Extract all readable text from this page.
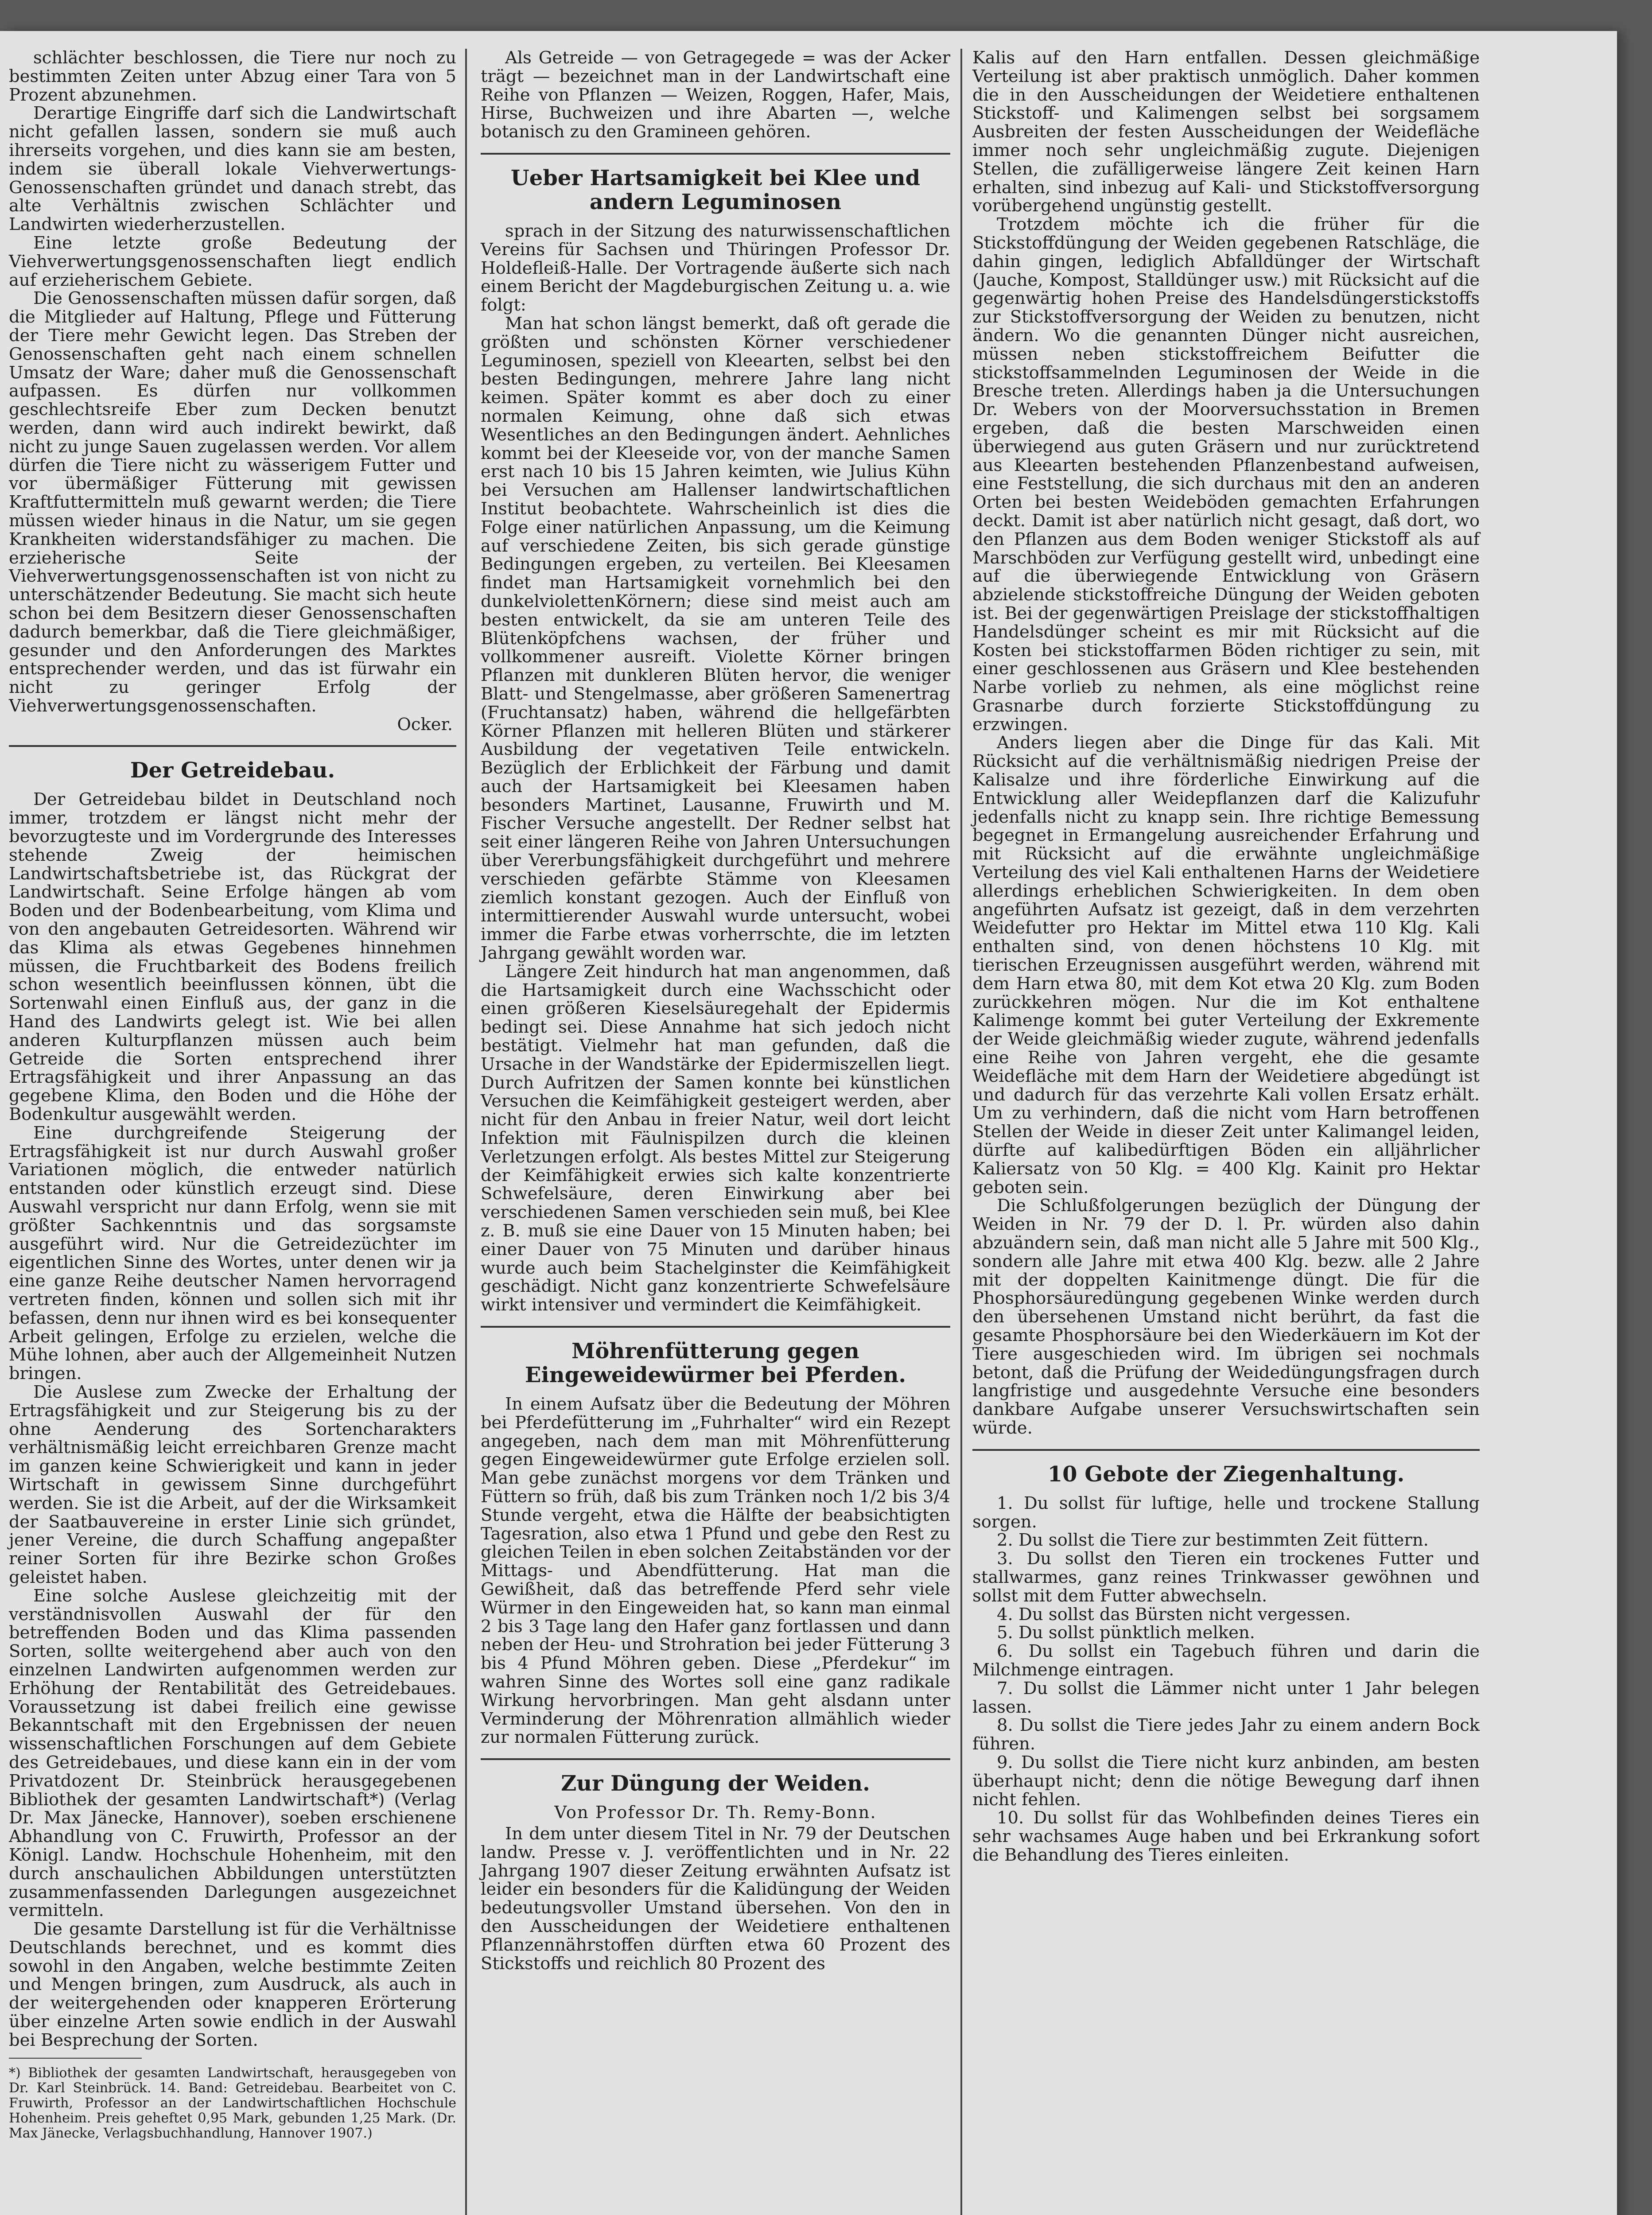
schlächter beschlossen, die Tiere nur noch zu bestimmten Zeiten unter Abzug einer Tara von 5 Prozent abzunehmen.

Derartige Eingriffe darf sich die Landwirtschaft nicht gefallen lassen, sondern sie muß auch ihrerseits vorgehen, und dies kann sie am besten, indem sie überall lokale Viehverwertungs-Genossenschaften gründet und danach strebt, das alte Verhältnis zwischen Schlächter und Landwirten wiederherzustellen.

Eine letzte große Bedeutung der Viehverwertungsgenossenschaften liegt endlich auf erzieherischem Gebiete.

Die Genossenschaften müssen dafür sorgen, daß die Mitglieder auf Haltung, Pflege und Fütterung der Tiere mehr Gewicht legen. Das Streben der Genossenschaften geht nach einem schnellen Umsatz der Ware; daher muß die Genossenschaft aufpassen. Es dürfen nur vollkommen geschlechtsreife Eber zum Decken benutzt werden, dann wird auch indirekt bewirkt, daß nicht zu junge Sauen zugelassen werden. Vor allem dürfen die Tiere nicht zu wässerigem Futter und vor übermäßiger Fütterung mit gewissen Kraftfuttermitteln muß gewarnt werden; die Tiere müssen wieder hinaus in die Natur, um sie gegen Krankheiten widerstandsfähiger zu machen. Die erzieherische Seite der Viehverwertungsgenossenschaften ist von nicht zu unterschätzender Bedeutung. Sie macht sich heute schon bei dem Besitzern dieser Genossenschaften dadurch bemerkbar, daß die Tiere gleichmäßiger, gesunder und den Anforderungen des Marktes entsprechender werden, und das ist fürwahr ein nicht zu geringer Erfolg der Viehverwertungsgenossenschaften.

Ocker.

Der Getreidebau.

Der Getreidebau bildet in Deutschland noch immer, trotzdem er längst nicht mehr der bevorzugteste und im Vordergrunde des Interesses stehende Zweig der heimischen Landwirtschaftsbetriebe ist, das Rückgrat der Landwirtschaft. Seine Erfolge hängen ab vom Boden und der Bodenbearbeitung, vom Klima und von den angebauten Getreidesorten. Während wir das Klima als etwas Gegebenes hinnehmen müssen, die Fruchtbarkeit des Bodens freilich schon wesentlich beeinflussen können, übt die Sortenwahl einen Einfluß aus, der ganz in die Hand des Landwirts gelegt ist. Wie bei allen anderen Kulturpflanzen müssen auch beim Getreide die Sorten entsprechend ihrer Ertragsfähigkeit und ihrer Anpassung an das gegebene Klima, den Boden und die Höhe der Bodenkultur ausgewählt werden.

Eine durchgreifende Steigerung der Ertragsfähigkeit ist nur durch Auswahl großer Variationen möglich, die entweder natürlich entstanden oder künstlich erzeugt sind. Diese Auswahl verspricht nur dann Erfolg, wenn sie mit größter Sachkenntnis und das sorgsamste ausgeführt wird. Nur die Getreidezüchter im eigentlichen Sinne des Wortes, unter denen wir ja eine ganze Reihe deutscher Namen hervorragend vertreten finden, können und sollen sich mit ihr befassen, denn nur ihnen wird es bei konsequenter Arbeit gelingen, Erfolge zu erzielen, welche die Mühe lohnen, aber auch der Allgemeinheit Nutzen bringen.

Die Auslese zum Zwecke der Erhaltung der Ertragsfähigkeit und zur Steigerung bis zu der ohne Aenderung des Sortencharakters verhältnismäßig leicht erreichbaren Grenze macht im ganzen keine Schwierigkeit und kann in jeder Wirtschaft in gewissem Sinne durchgeführt werden. Sie ist die Arbeit, auf der die Wirksamkeit der Saatbauvereine in erster Linie sich gründet, jener Vereine, die durch Schaffung angepaßter reiner Sorten für ihre Bezirke schon Großes geleistet haben.

Eine solche Auslese gleichzeitig mit der verständnisvollen Auswahl der für den betreffenden Boden und das Klima passenden Sorten, sollte weitergehend aber auch von den einzelnen Landwirten aufgenommen werden zur Erhöhung der Rentabilität des Getreidebaues. Voraussetzung ist dabei freilich eine gewisse Bekanntschaft mit den Ergebnissen der neuen wissenschaftlichen Forschungen auf dem Gebiete des Getreidebaues, und diese kann ein in der vom Privatdozent Dr. Steinbrück herausgegebenen Bibliothek der gesamten Landwirtschaft*) (Verlag Dr. Max Jänecke, Hannover), soeben erschienene Abhandlung von C. Fruwirth, Professor an der Königl. Landw. Hochschule Hohenheim, mit den durch anschaulichen Abbildungen unterstützten zusammenfassenden Darlegungen ausgezeichnet vermitteln.

Die gesamte Darstellung ist für die Verhältnisse Deutschlands berechnet, und es kommt dies sowohl in den Angaben, welche bestimmte Zeiten und Mengen bringen, zum Ausdruck, als auch in der weitergehenden oder knapperen Erörterung über einzelne Arten sowie endlich in der Auswahl bei Besprechung der Sorten.

*) Bibliothek der gesamten Landwirtschaft, herausgegeben von Dr. Karl Steinbrück. 14. Band: Getreidebau. Bearbeitet von C. Fruwirth, Professor an der Landwirtschaftlichen Hochschule Hohenheim. Preis geheftet 0,95 Mark, gebunden 1,25 Mark. (Dr. Max Jänecke, Verlagsbuchhandlung, Hannover 1907.)

Als Getreide — von Getragegede = was der Acker trägt — bezeichnet man in der Landwirtschaft eine Reihe von Pflanzen — Weizen, Roggen, Hafer, Mais, Hirse, Buchweizen und ihre Abarten —, welche botanisch zu den Gramineen gehören.

Ueber Hartsamigkeit bei Klee und andern Leguminosen

sprach in der Sitzung des naturwissenschaftlichen Vereins für Sachsen und Thüringen Professor Dr. Holdefleiß-Halle. Der Vortragende äußerte sich nach einem Bericht der Magdeburgischen Zeitung u. a. wie folgt:

Man hat schon längst bemerkt, daß oft gerade die größten und schönsten Körner verschiedener Leguminosen, speziell von Kleearten, selbst bei den besten Bedingungen, mehrere Jahre lang nicht keimen. Später kommt es aber doch zu einer normalen Keimung, ohne daß sich etwas Wesentliches an den Bedingungen ändert. Aehnliches kommt bei der Kleeseide vor, von der manche Samen erst nach 10 bis 15 Jahren keimten, wie Julius Kühn bei Versuchen am Hallenser landwirtschaftlichen Institut beobachtete. Wahrscheinlich ist dies die Folge einer natürlichen Anpassung, um die Keimung auf verschiedene Zeiten, bis sich gerade günstige Bedingungen ergeben, zu verteilen. Bei Kleesamen findet man Hartsamigkeit vornehmlich bei den dunkelviolettenKörnern; diese sind meist auch am besten entwickelt, da sie am unteren Teile des Blütenköpfchens wachsen, der früher und vollkommener ausreift. Violette Körner bringen Pflanzen mit dunkleren Blüten hervor, die weniger Blatt- und Stengelmasse, aber größeren Samenertrag (Fruchtansatz) haben, während die hellgefärbten Körner Pflanzen mit helleren Blüten und stärkerer Ausbildung der vegetativen Teile entwickeln. Bezüglich der Erblichkeit der Färbung und damit auch der Hartsamigkeit bei Kleesamen haben besonders Martinet, Lausanne, Fruwirth und M. Fischer Versuche angestellt. Der Redner selbst hat seit einer längeren Reihe von Jahren Untersuchungen über Vererbungsfähigkeit durchgeführt und mehrere verschieden gefärbte Stämme von Kleesamen ziemlich konstant gezogen. Auch der Einfluß von intermittierender Auswahl wurde untersucht, wobei immer die Farbe etwas vorherrschte, die im letzten Jahrgang gewählt worden war.

Längere Zeit hindurch hat man angenommen, daß die Hartsamigkeit durch eine Wachsschicht oder einen größeren Kieselsäuregehalt der Epidermis bedingt sei. Diese Annahme hat sich jedoch nicht bestätigt. Vielmehr hat man gefunden, daß die Ursache in der Wandstärke der Epidermiszellen liegt. Durch Aufritzen der Samen konnte bei künstlichen Versuchen die Keimfähigkeit gesteigert werden, aber nicht für den Anbau in freier Natur, weil dort leicht Infektion mit Fäulnispilzen durch die kleinen Verletzungen erfolgt. Als bestes Mittel zur Steigerung der Keimfähigkeit erwies sich kalte konzentrierte Schwefelsäure, deren Einwirkung aber bei verschiedenen Samen verschieden sein muß, bei Klee z. B. muß sie eine Dauer von 15 Minuten haben; bei einer Dauer von 75 Minuten und darüber hinaus wurde auch beim Stachelginster die Keimfähigkeit geschädigt. Nicht ganz konzentrierte Schwefelsäure wirkt intensiver und vermindert die Keimfähigkeit.

Möhrenfütterung gegen Eingeweidewürmer bei Pferden.

In einem Aufsatz über die Bedeutung der Möhren bei Pferdefütterung im „Fuhrhalter“ wird ein Rezept angegeben, nach dem man mit Möhrenfütterung gegen Eingeweidewürmer gute Erfolge erzielen soll. Man gebe zunächst morgens vor dem Tränken und Füttern so früh, daß bis zum Tränken noch 1/2 bis 3/4 Stunde vergeht, etwa die Hälfte der beabsichtigten Tagesration, also etwa 1 Pfund und gebe den Rest zu gleichen Teilen in eben solchen Zeitabständen vor der Mittags- und Abendfütterung. Hat man die Gewißheit, daß das betreffende Pferd sehr viele Würmer in den Eingeweiden hat, so kann man einmal 2 bis 3 Tage lang den Hafer ganz fortlassen und dann neben der Heu- und Strohration bei jeder Fütterung 3 bis 4 Pfund Möhren geben. Diese „Pferdekur“ im wahren Sinne des Wortes soll eine ganz radikale Wirkung hervorbringen. Man geht alsdann unter Verminderung der Möhrenration allmählich wieder zur normalen Fütterung zurück.

Zur Düngung der Weiden.

Von Professor Dr. Th. Remy-Bonn.

In dem unter diesem Titel in Nr. 79 der Deutschen landw. Presse v. J. veröffentlichten und in Nr. 22 Jahrgang 1907 dieser Zeitung erwähnten Aufsatz ist leider ein besonders für die Kalidüngung der Weiden bedeutungsvoller Umstand übersehen. Von den in den Ausscheidungen der Weidetiere enthaltenen Pflanzennährstoffen dürften etwa 60 Prozent des Stickstoffs und reichlich 80 Prozent des

Kalis auf den Harn entfallen. Dessen gleichmäßige Verteilung ist aber praktisch unmöglich. Daher kommen die in den Ausscheidungen der Weidetiere enthaltenen Stickstoff- und Kalimengen selbst bei sorgsamem Ausbreiten der festen Ausscheidungen der Weidefläche immer noch sehr ungleichmäßig zugute. Diejenigen Stellen, die zufälligerweise längere Zeit keinen Harn erhalten, sind inbezug auf Kali- und Stickstoffversorgung vorübergehend ungünstig gestellt.

Trotzdem möchte ich die früher für die Stickstoffdüngung der Weiden gegebenen Ratschläge, die dahin gingen, lediglich Abfalldünger der Wirtschaft (Jauche, Kompost, Stalldünger usw.) mit Rücksicht auf die gegenwärtig hohen Preise des Handelsdüngerstickstoffs zur Stickstoffversorgung der Weiden zu benutzen, nicht ändern. Wo die genannten Dünger nicht ausreichen, müssen neben stickstoffreichem Beifutter die stickstoffsammelnden Leguminosen der Weide in die Bresche treten. Allerdings haben ja die Untersuchungen Dr. Webers von der Moorversuchsstation in Bremen ergeben, daß die besten Marschweiden einen überwiegend aus guten Gräsern und nur zurücktretend aus Kleearten bestehenden Pflanzenbestand aufweisen, eine Feststellung, die sich durchaus mit den an anderen Orten bei besten Weideböden gemachten Erfahrungen deckt. Damit ist aber natürlich nicht gesagt, daß dort, wo den Pflanzen aus dem Boden weniger Stickstoff als auf Marschböden zur Verfügung gestellt wird, unbedingt eine auf die überwiegende Entwicklung von Gräsern abzielende stickstoffreiche Düngung der Weiden geboten ist. Bei der gegenwärtigen Preislage der stickstoffhaltigen Handelsdünger scheint es mir mit Rücksicht auf die Kosten bei stickstoffarmen Böden richtiger zu sein, mit einer geschlossenen aus Gräsern und Klee bestehenden Narbe vorlieb zu nehmen, als eine möglichst reine Grasnarbe durch forzierte Stickstoffdüngung zu erzwingen.

Anders liegen aber die Dinge für das Kali. Mit Rücksicht auf die verhältnismäßig niedrigen Preise der Kalisalze und ihre förderliche Einwirkung auf die Entwicklung aller Weidepflanzen darf die Kalizufuhr jedenfalls nicht zu knapp sein. Ihre richtige Bemessung begegnet in Ermangelung ausreichender Erfahrung und mit Rücksicht auf die erwähnte ungleichmäßige Verteilung des viel Kali enthaltenen Harns der Weidetiere allerdings erheblichen Schwierigkeiten. In dem oben angeführten Aufsatz ist gezeigt, daß in dem verzehrten Weidefutter pro Hektar im Mittel etwa 110 Klg. Kali enthalten sind, von denen höchstens 10 Klg. mit tierischen Erzeugnissen ausgeführt werden, während mit dem Harn etwa 80, mit dem Kot etwa 20 Klg. zum Boden zurückkehren mögen. Nur die im Kot enthaltene Kalimenge kommt bei guter Verteilung der Exkremente der Weide gleichmäßig wieder zugute, während jedenfalls eine Reihe von Jahren vergeht, ehe die gesamte Weidefläche mit dem Harn der Weidetiere abgedüngt ist und dadurch für das verzehrte Kali vollen Ersatz erhält. Um zu verhindern, daß die nicht vom Harn betroffenen Stellen der Weide in dieser Zeit unter Kalimangel leiden, dürfte auf kalibedürftigen Böden ein alljährlicher Kaliersatz von 50 Klg. = 400 Klg. Kainit pro Hektar geboten sein.

Die Schlußfolgerungen bezüglich der Düngung der Weiden in Nr. 79 der D. l. Pr. würden also dahin abzuändern sein, daß man nicht alle 5 Jahre mit 500 Klg., sondern alle Jahre mit etwa 400 Klg. bezw. alle 2 Jahre mit der doppelten Kainitmenge düngt. Die für die Phosphorsäuredüngung gegebenen Winke werden durch den übersehenen Umstand nicht berührt, da fast die gesamte Phosphorsäure bei den Wiederkäuern im Kot der Tiere ausgeschieden wird. Im übrigen sei nochmals betont, daß die Prüfung der Weidedüngungsfragen durch langfristige und ausgedehnte Versuche eine besonders dankbare Aufgabe unserer Versuchswirtschaften sein würde.

10 Gebote der Ziegenhaltung.

1. Du sollst für luftige, helle und trockene Stallung sorgen.

2. Du sollst die Tiere zur bestimmten Zeit füttern.

3. Du sollst den Tieren ein trockenes Futter und stallwarmes, ganz reines Trinkwasser gewöhnen und sollst mit dem Futter abwechseln.

4. Du sollst das Bürsten nicht vergessen.

5. Du sollst pünktlich melken.

6. Du sollst ein Tagebuch führen und darin die Milchmenge eintragen.

7. Du sollst die Lämmer nicht unter 1 Jahr belegen lassen.

8. Du sollst die Tiere jedes Jahr zu einem andern Bock führen.

9. Du sollst die Tiere nicht kurz anbinden, am besten überhaupt nicht; denn die nötige Bewegung darf ihnen nicht fehlen.

10. Du sollst für das Wohlbefinden deines Tieres ein sehr wachsames Auge haben und bei Erkrankung sofort die Behandlung des Tieres einleiten.
